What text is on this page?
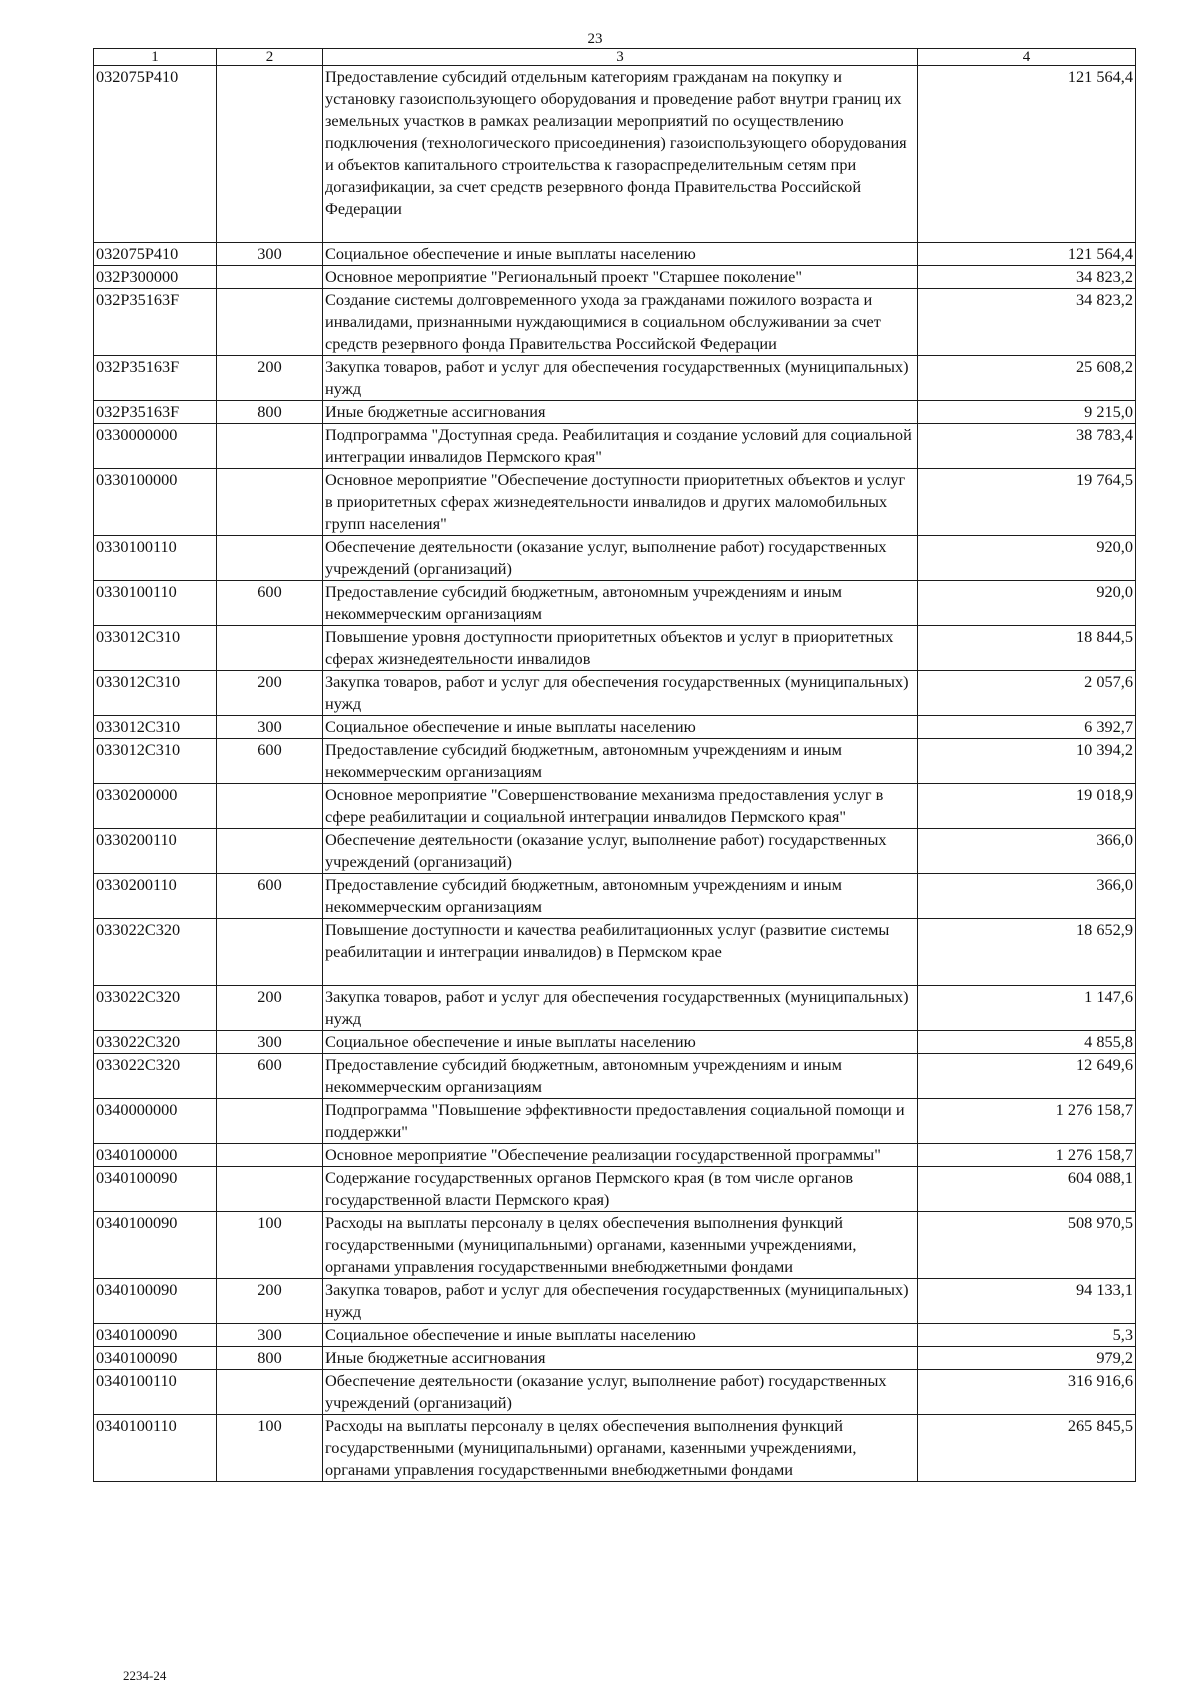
23
1	2	3	4
032075P410		Предоставление субсидий отдельным категориям гражданам на покупку и установку газоиспользующего оборудования и проведение работ внутри границ их земельных участков в рамках реализации мероприятий по осуществлению подключения (технологического присоединения) газоиспользующего оборудования и объектов капитального строительства к газораспределительным сетям при догазификации, за счет средств резервного фонда Правительства Российской Федерации	121 564,4
032075P410	300	Социальное обеспечение и иные выплаты населению	121 564,4
032P300000		Основное мероприятие "Региональный проект "Старшее поколение"	34 823,2
032P35163F		Создание системы долговременного ухода за гражданами пожилого возраста и инвалидами, признанными нуждающимися в социальном обслуживании за счет средств резервного фонда Правительства Российской Федерации	34 823,2
032P35163F	200	Закупка товаров, работ и услуг для обеспечения государственных (муниципальных) нужд	25 608,2
032P35163F	800	Иные бюджетные ассигнования	9 215,0
0330000000		Подпрограмма "Доступная среда. Реабилитация и создание условий для социальной интеграции инвалидов Пермского края"	38 783,4
0330100000		Основное мероприятие "Обеспечение доступности приоритетных объектов и услуг в приоритетных сферах жизнедеятельности инвалидов и других маломобильных групп населения"	19 764,5
0330100110		Обеспечение деятельности (оказание услуг, выполнение работ) государственных учреждений (организаций)	920,0
0330100110	600	Предоставление субсидий бюджетным, автономным учреждениям и иным некоммерческим организациям	920,0
033012С310		Повышение уровня доступности приоритетных объектов и услуг в приоритетных сферах жизнедеятельности инвалидов	18 844,5
033012С310	200	Закупка товаров, работ и услуг для обеспечения государственных (муниципальных) нужд	2 057,6
033012С310	300	Социальное обеспечение и иные выплаты населению	6 392,7
033012С310	600	Предоставление субсидий бюджетным, автономным учреждениям и иным некоммерческим организациям	10 394,2
0330200000		Основное мероприятие "Совершенствование механизма предоставления услуг в сфере реабилитации и социальной интеграции инвалидов Пермского края"	19 018,9
0330200110		Обеспечение деятельности (оказание услуг, выполнение работ) государственных учреждений (организаций)	366,0
0330200110	600	Предоставление субсидий бюджетным, автономным учреждениям и иным некоммерческим организациям	366,0
033022С320		Повышение доступности и качества реабилитационных услуг (развитие системы реабилитации и интеграции инвалидов) в Пермском крае	18 652,9
033022С320	200	Закупка товаров, работ и услуг для обеспечения государственных (муниципальных) нужд	1 147,6
033022С320	300	Социальное обеспечение и иные выплаты населению	4 855,8
033022С320	600	Предоставление субсидий бюджетным, автономным учреждениям и иным некоммерческим организациям	12 649,6
0340000000		Подпрограмма "Повышение эффективности предоставления социальной помощи и поддержки"	1 276 158,7
0340100000		Основное мероприятие "Обеспечение реализации государственной программы"	1 276 158,7
0340100090		Содержание государственных органов Пермского края (в том числе органов государственной власти Пермского края)	604 088,1
0340100090	100	Расходы на выплаты персоналу в целях обеспечения выполнения функций государственными (муниципальными) органами, казенными учреждениями, органами управления государственными внебюджетными фондами	508 970,5
0340100090	200	Закупка товаров, работ и услуг для обеспечения государственных (муниципальных) нужд	94 133,1
0340100090	300	Социальное обеспечение и иные выплаты населению	5,3
0340100090	800	Иные бюджетные ассигнования	979,2
0340100110		Обеспечение деятельности (оказание услуг, выполнение работ) государственных учреждений (организаций)	316 916,6
0340100110	100	Расходы на выплаты персоналу в целях обеспечения выполнения функций государственными (муниципальными) органами, казенными учреждениями, органами управления государственными внебюджетными фондами	265 845,5
2234-24
